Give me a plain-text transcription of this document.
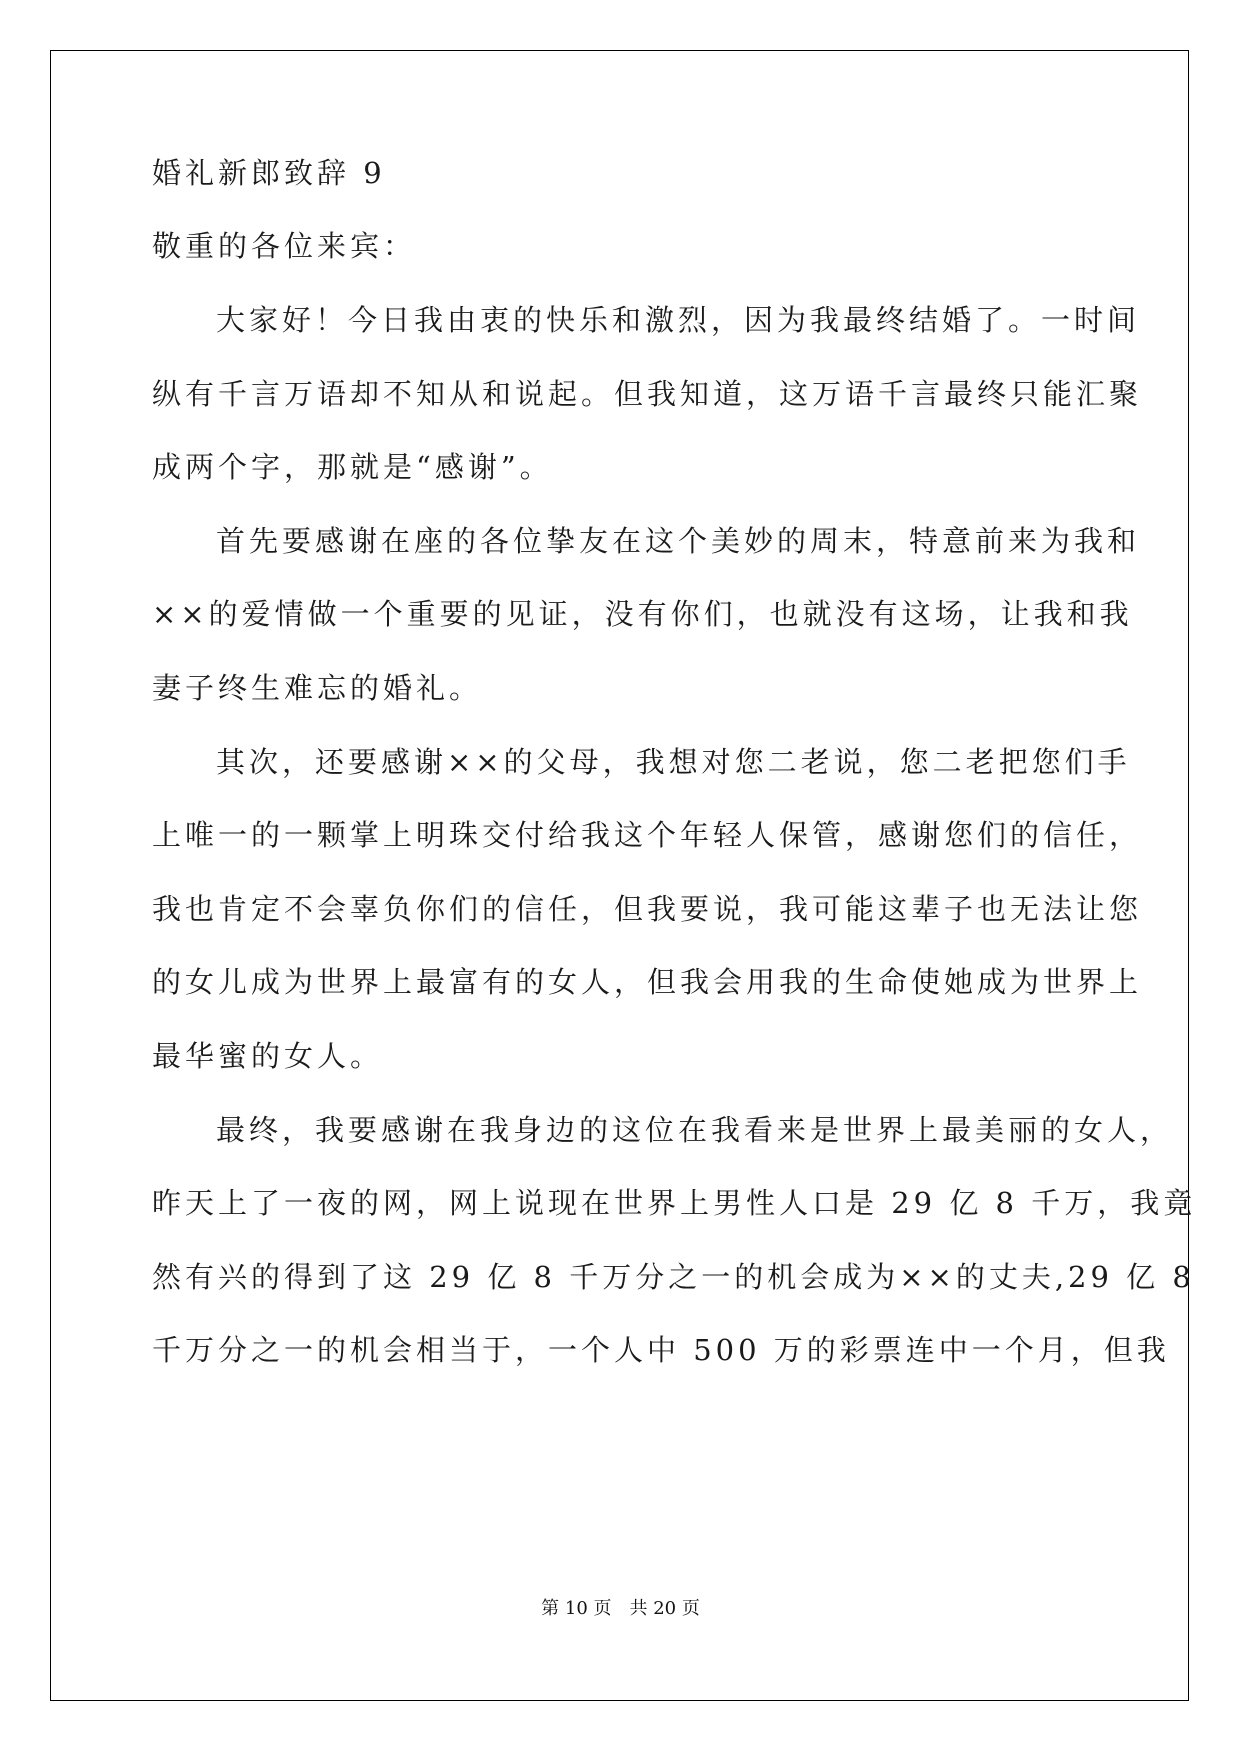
婚礼新郎致辞 9
敬重的各位来宾：
大家好！今日我由衷的快乐和激烈，因为我最终结婚了。一时间
纵有千言万语却不知从和说起。但我知道，这万语千言最终只能汇聚
成两个字，那就是“感谢”。
首先要感谢在座的各位挚友在这个美妙的周末，特意前来为我和
××的爱情做一个重要的见证，没有你们，也就没有这场，让我和我
妻子终生难忘的婚礼。
其次，还要感谢××的父母，我想对您二老说，您二老把您们手
上唯一的一颗掌上明珠交付给我这个年轻人保管，感谢您们的信任，
我也肯定不会辜负你们的信任，但我要说，我可能这辈子也无法让您
的女儿成为世界上最富有的女人，但我会用我的生命使她成为世界上
最华蜜的女人。
最终，我要感谢在我身边的这位在我看来是世界上最美丽的女人，
昨天上了一夜的网，网上说现在世界上男性人口是 29 亿 8 千万，我竟
然有兴的得到了这 29 亿 8 千万分之一的机会成为××的丈夫,29 亿 8
千万分之一的机会相当于，一个人中 500 万的彩票连中一个月，但我
第 10 页　共 20 页
